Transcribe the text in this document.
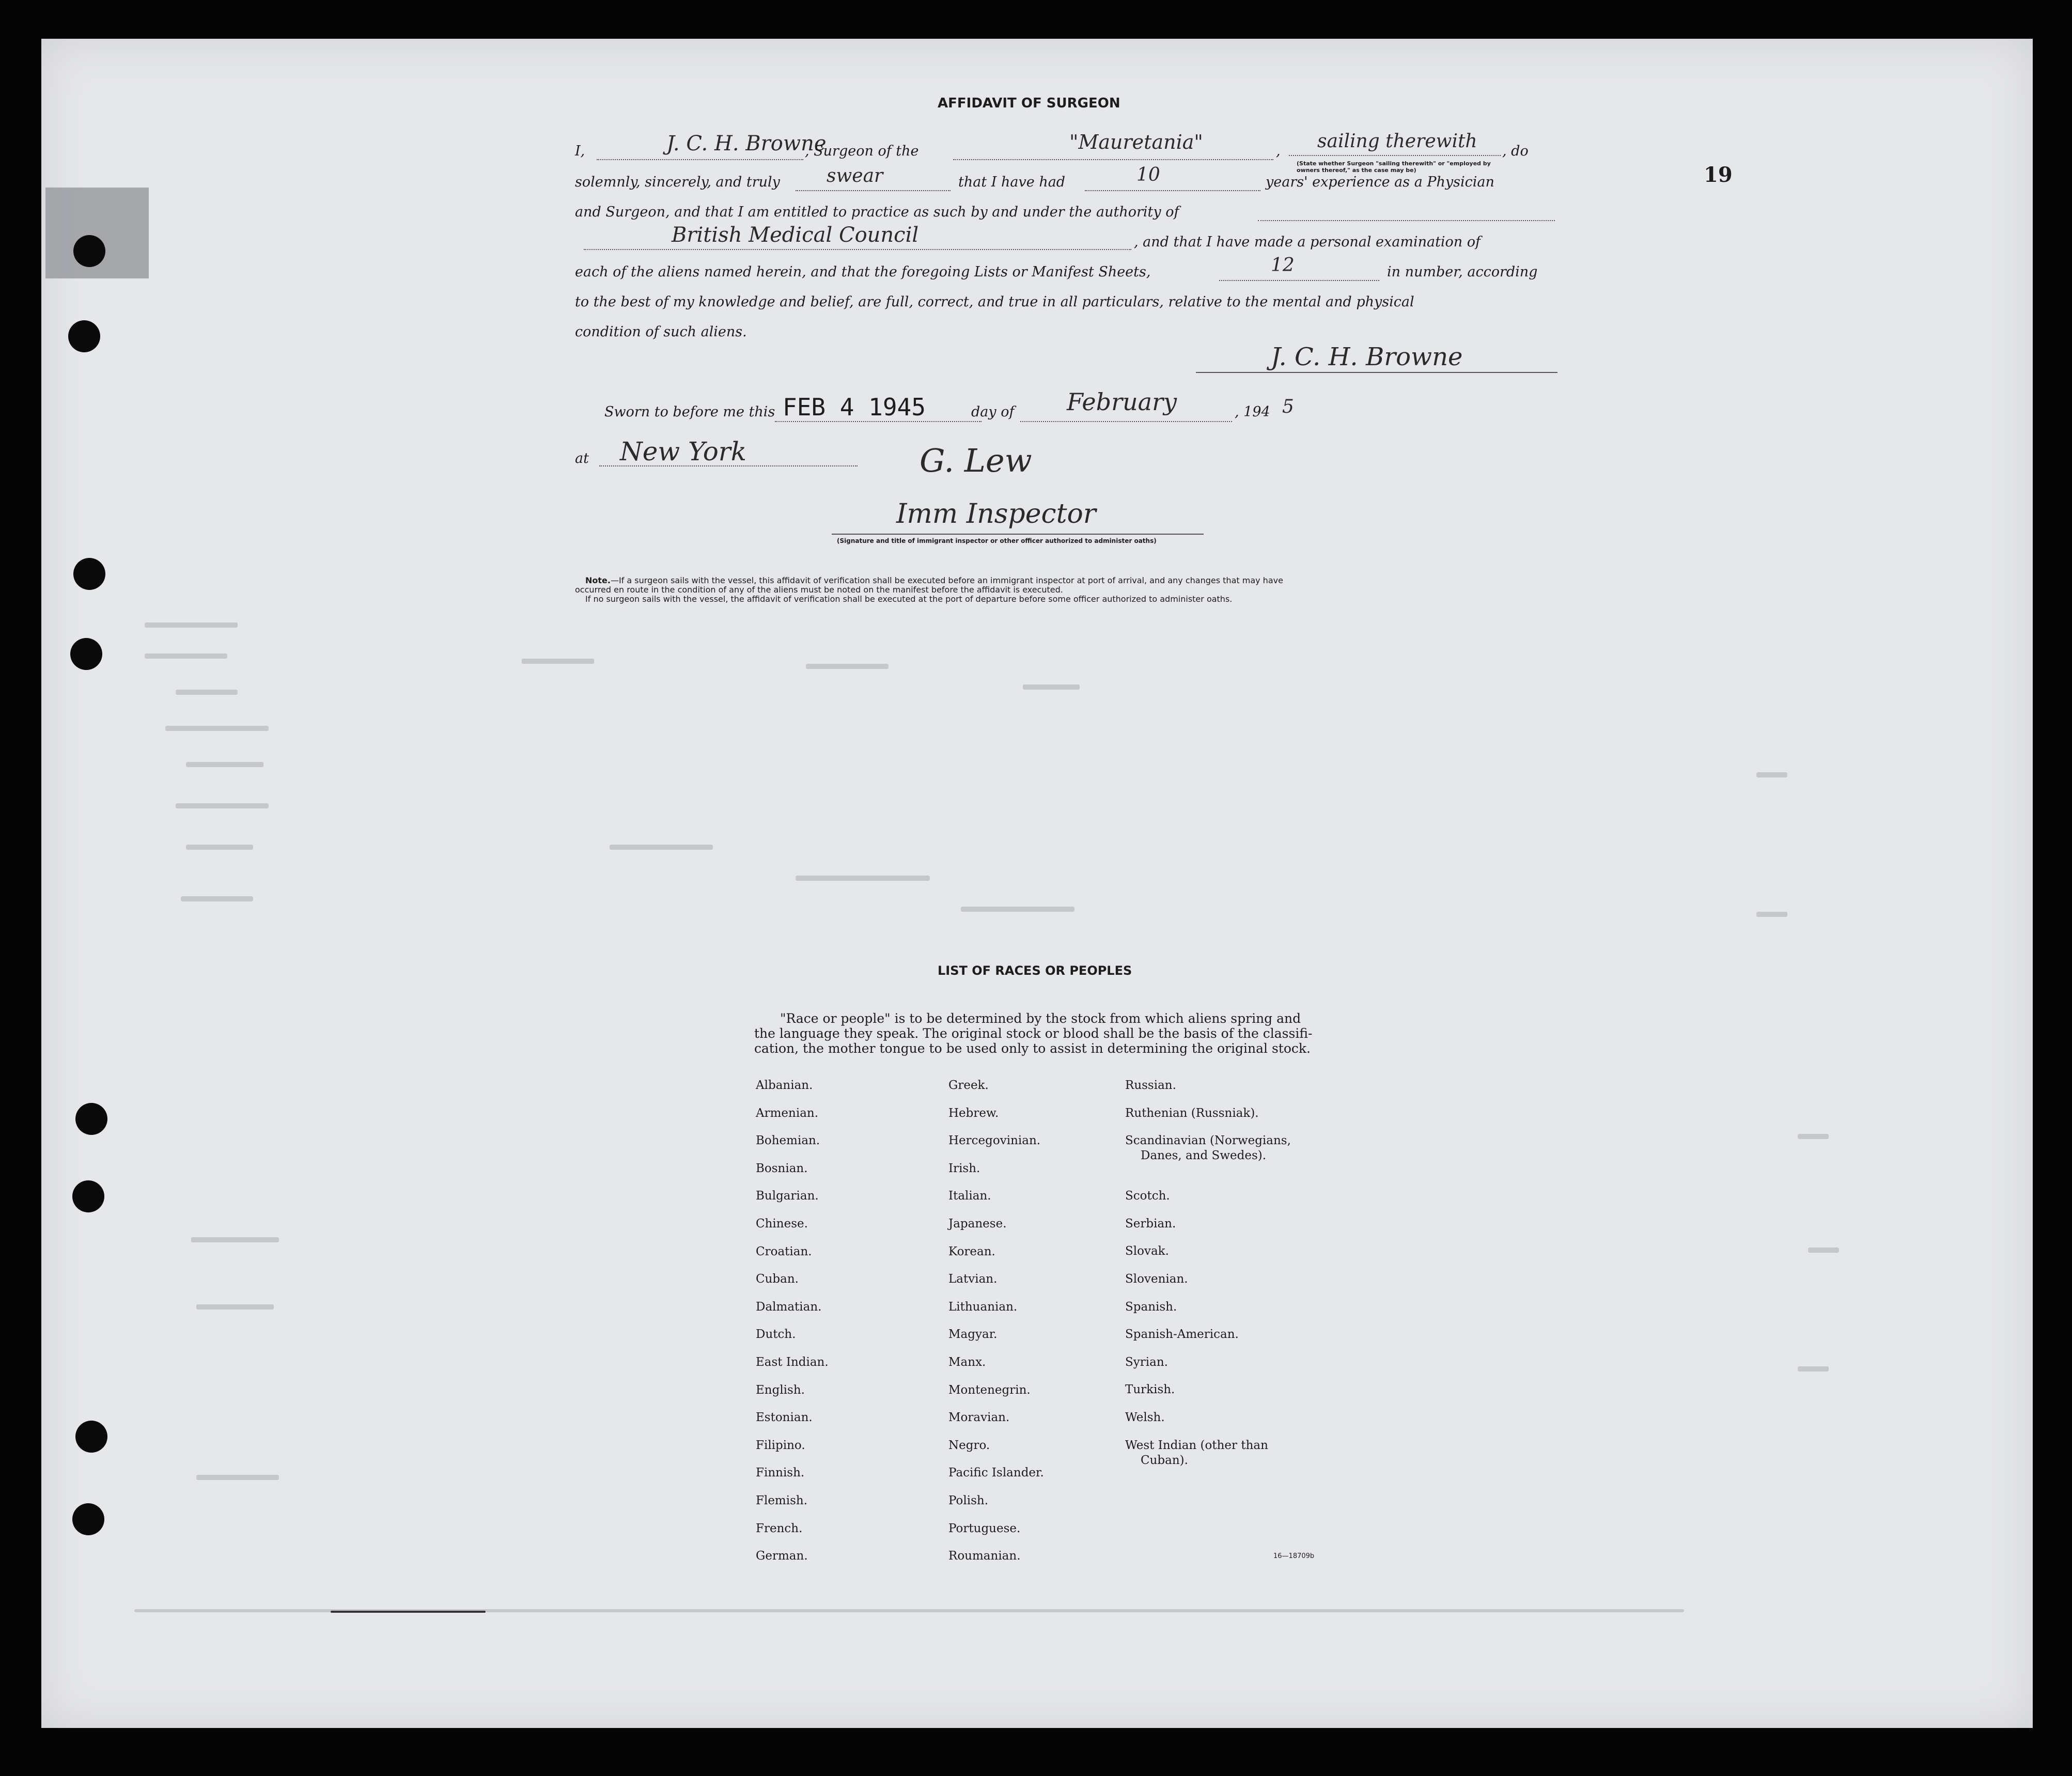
AFFIDAVIT OF SURGEON
19
I,	J. C. H. Browne
, Surgeon of the	"Mauretania"	, sailing therewith , do
(State whether Surgeon "sailing therewith" or "employed by owners thereof," as the case may be)
solemnly, sincerely, and truly	swear	that I have had	10	years' experience as a Physician
and Surgeon, and that I am entitled to practice as such by and under the authority of
British Medical Council	, and that I have made a personal examination of
each of the aliens named herein, and that the foregoing Lists or Manifest Sheets,	12	in number, according
to the best of my knowledge and belief, are full, correct, and true in all particulars, relative to the mental and physical
condition of such aliens.
J. C. H. Browne
Sworn to before me this FEB 4 1945	day of February	, 194 5
at New York	G. Lew
Imm Inspector
(Signature and title of immigrant inspector or other officer authorized to administer oaths)
Note.—If a surgeon sails with the vessel, this affidavit of verification shall be executed before an immigrant inspector at port of arrival, and any changes that may have
occurred en route in the condition of any of the aliens must be noted on the manifest before the affidavit is executed.
If no surgeon sails with the vessel, the affidavit of verification shall be executed at the port of departure before some officer authorized to administer oaths.
LIST OF RACES OR PEOPLES
"Race or people" is to be determined by the stock from which aliens spring and
the language they speak. The original stock or blood shall be the basis of the classifi-
cation, the mother tongue to be used only to assist in determining the original stock.
Albanian.
Armenian.
Bohemian.
Bosnian.
Bulgarian.
Chinese.
Croatian.
Cuban.
Dalmatian.
Dutch.
East Indian.
English.
Estonian.
Filipino.
Finnish.
Flemish.
French.
German.
Greek.
Hebrew.
Hercegovinian.
Irish.
Italian.
Japanese.
Korean.
Latvian.
Lithuanian.
Magyar.
Manx.
Montenegrin.
Moravian.
Negro.
Pacific Islander.
Polish.
Portuguese.
Roumanian.
Russian.
Ruthenian (Russniak).
Scandinavian (Norwegians,
Danes, and Swedes).
Scotch.
Serbian.
Slovak.
Slovenian.
Spanish.
Spanish-American.
Syrian.
Turkish.
Welsh.
West Indian (other than
Cuban).
16—18709b
